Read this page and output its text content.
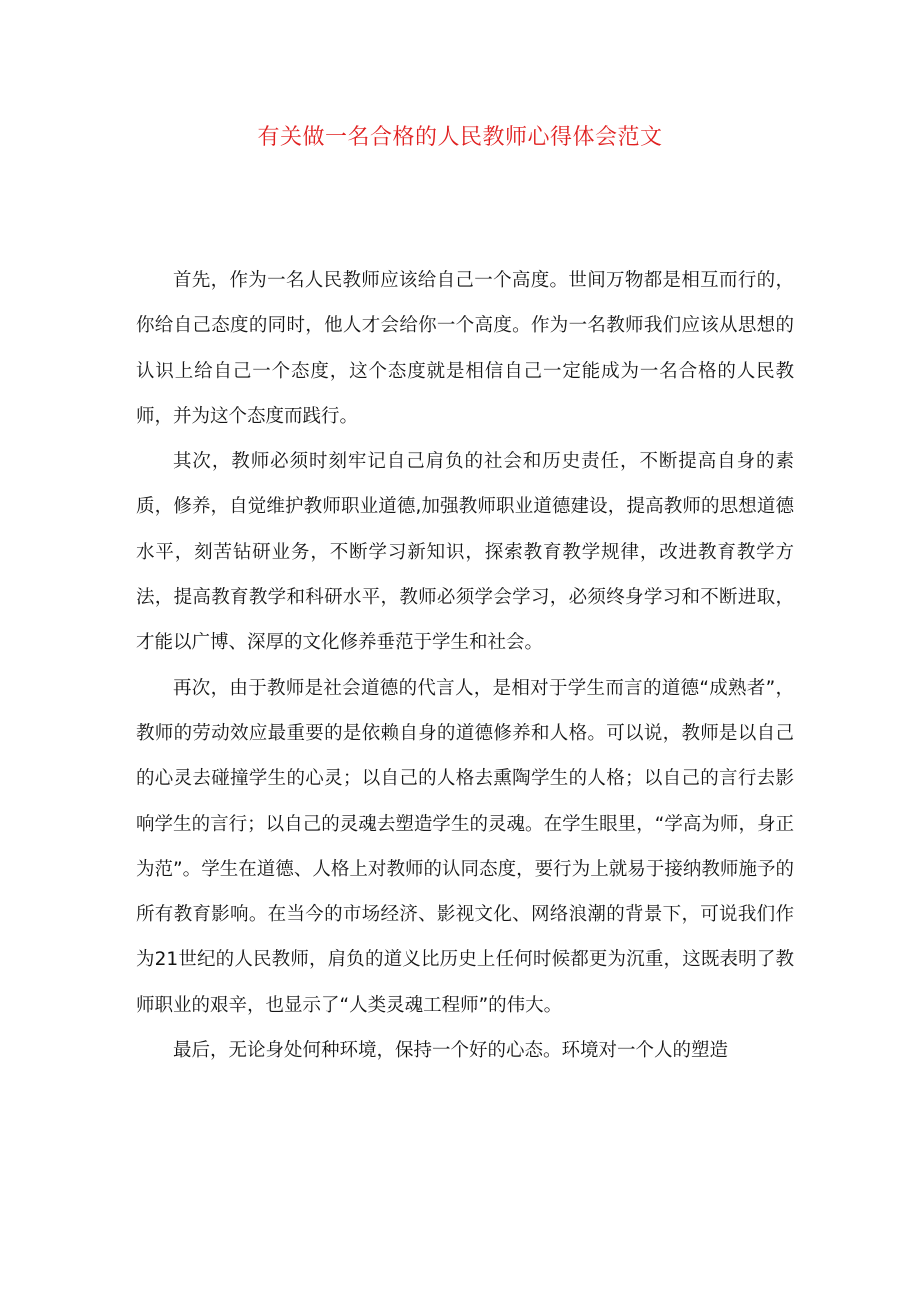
有关做一名合格的人民教师心得体会范文

首先，作为一名人民教师应该给自己一个高度。世间万物都是相互而行的，你给自己态度的同时，他人才会给你一个高度。作为一名教师我们应该从思想的认识上给自己一个态度，这个态度就是相信自己一定能成为一名合格的人民教师，并为这个态度而践行。

其次，教师必须时刻牢记自己肩负的社会和历史责任，不断提高自身的素质，修养，自觉维护教师职业道德,加强教师职业道德建设，提高教师的思想道德水平，刻苦钻研业务，不断学习新知识，探索教育教学规律，改进教育教学方法，提高教育教学和科研水平，教师必须学会学习，必须终身学习和不断进取，才能以广博、深厚的文化修养垂范于学生和社会。

再次，由于教师是社会道德的代言人，是相对于学生而言的道德“成熟者”，教师的劳动效应最重要的是依赖自身的道德修养和人格。可以说，教师是以自己的心灵去碰撞学生的心灵；以自己的人格去熏陶学生的人格；以自己的言行去影响学生的言行；以自己的灵魂去塑造学生的灵魂。在学生眼里，“学高为师，身正为范”。学生在道德、人格上对教师的认同态度，要行为上就易于接纳教师施予的所有教育影响。在当今的市场经济、影视文化、网络浪潮的背景下，可说我们作为21世纪的人民教师，肩负的道义比历史上任何时候都更为沉重，这既表明了教师职业的艰辛，也显示了“人类灵魂工程师”的伟大。

最后，无论身处何种环境，保持一个好的心态。环境对一个人的塑造
